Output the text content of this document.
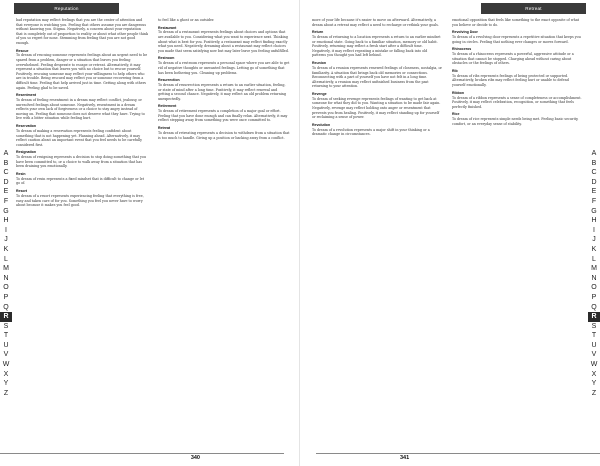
Reputation
A
B
C
D
E
F
G
H
I
J
K
L
M
N
O
P
Q
R
S
T
U
V
W
X
Y
Z

bad reputation may reflect feelings that you are the center of attention and that everyone is watching you. Feeling that others assume you are dangerous without knowing you. Stigma. Negatively, a concern about your reputation that is completely out of proportion to reality or about what other people think of you so regret for none. Stemming from feeling that you are not good enough.

Rescue

To dream of rescuing someone represents feelings about an urgent need to be spared from a problem, danger or a situation that leaves you feeling overwhelmed. Feeling desperate to escape or retreat. Alternatively, it may represent a situation that leaves you with no choice but to rescue yourself. Positively, rescuing someone may reflect your willingness to help others who are in trouble. Being rescued may reflect you or someone recovering from a difficult time. Feeling that help arrived just in time. Getting along with others again. Feeling glad to be saved.

Resentment

To dream of feeling resentment in a dream may reflect conflict, jealousy, or unresolved feelings about someone. Negatively, resentment in a dream reflects your own lack of forgiveness or a choice to stay angry instead of moving on. Feeling that someone does not deserve what they have. Trying to live with a bitter situation while feeling hurt.

Reservation

To dream of making a reservation represents feeling confident about something that is not happening yet. Planning ahead. Alternatively, it may reflect caution about an important event that you feel needs to be carefully considered first.

Resignation

To dream of resigning represents a decision to stop doing something that you have been committed to, or a choice to walk away from a situation that has been draining you emotionally.

Resin

To dream of resin represents a fixed mindset that is difficult to change or let go of.

Resort

To dream of a resort represents experiencing feeling that everything is free, easy and taken care of for you. Something you feel you never have to worry about because it makes you feel good.

to feel like a ghost or an outsider.

Restaurant

To dream of a restaurant represents feelings about choices and options that are available to you. Considering what you want to experience next. Thinking about what is best for you. Positively, a restaurant may reflect finding exactly what you need. Negatively, dreaming about a restaurant may reflect choices you made that seem satisfying now but may later leave you feeling unfulfilled.

Restroom

To dream of a restroom represents a personal space where you are able to get rid of negative thoughts or unwanted feelings. Letting go of something that has been bothering you. Cleaning up problems.

Resurrection

To dream of resurrection represents a return to an earlier situation, feeling, or state of mind after a long time. Positively, it may reflect renewal and getting a second chance. Negatively, it may reflect an old problem returning unexpectedly.

Retirement

To dream of retirement represents a completion of a major goal or effort. Feeling that you have done enough and can finally relax. Alternatively, it may reflect stepping away from something you were once committed to.

Retreat

To dream of retreating represents a decision to withdraw from a situation that is too much to handle. Giving up a position or backing away from a conflict.

340
Retreat
A
B
C
D
E
F
G
H
I
J
K
L
M
N
O
P
Q
R
S
T
U
V
W
X
Y
Z

more of your life because it's easier to move on afterward. Alternatively, a dream about a retreat may reflect a need to recharge or rethink your goals.

Return

To dream of returning to a location represents a return to an earlier mindset or emotional state. Going back to a familiar situation, memory or old habit. Positively, returning may reflect a fresh start after a difficult time. Negatively, it may reflect repeating a mistake or falling back into old patterns you thought you had left behind.

Reunion

To dream of a reunion represents renewed feelings of closeness, nostalgia, or familiarity. A situation that brings back old memories or connections. Reconnecting with a part of yourself you have not felt in a long time. Alternatively, a reunion may reflect unfinished business from the past returning to your attention.

Revenge

To dream of seeking revenge represents feelings of wanting to get back at someone for what they did to you. Wanting a situation to be made fair again. Negatively, revenge may reflect holding onto anger or resentment that prevents you from healing. Positively, it may reflect standing up for yourself or reclaiming a sense of power.

Revolution

To dream of a revolution represents a major shift in your thinking or a dramatic change in circumstances.

emotional opposition that feels like something to the exact opposite of what you believe or decide to do.

Revolving Door

To dream of a revolving door represents a repetitive situation that keeps you going in circles. Feeling that nothing ever changes or moves forward.

Rhinoceros

To dream of a rhinoceros represents a powerful, aggressive attitude or a situation that cannot be stopped. Charging ahead without caring about obstacles or the feelings of others.

Rib

To dream of ribs represents feelings of being protected or supported. Alternatively, broken ribs may reflect feeling hurt or unable to defend yourself emotionally.

Ribbon

To dream of a ribbon represents a sense of completeness or accomplishment. Positively, it may reflect celebration, recognition, or something that feels perfectly finished.

Rice

To dream of rice represents simple needs being met. Feeling basic security, comfort, or an everyday sense of stability.

341
